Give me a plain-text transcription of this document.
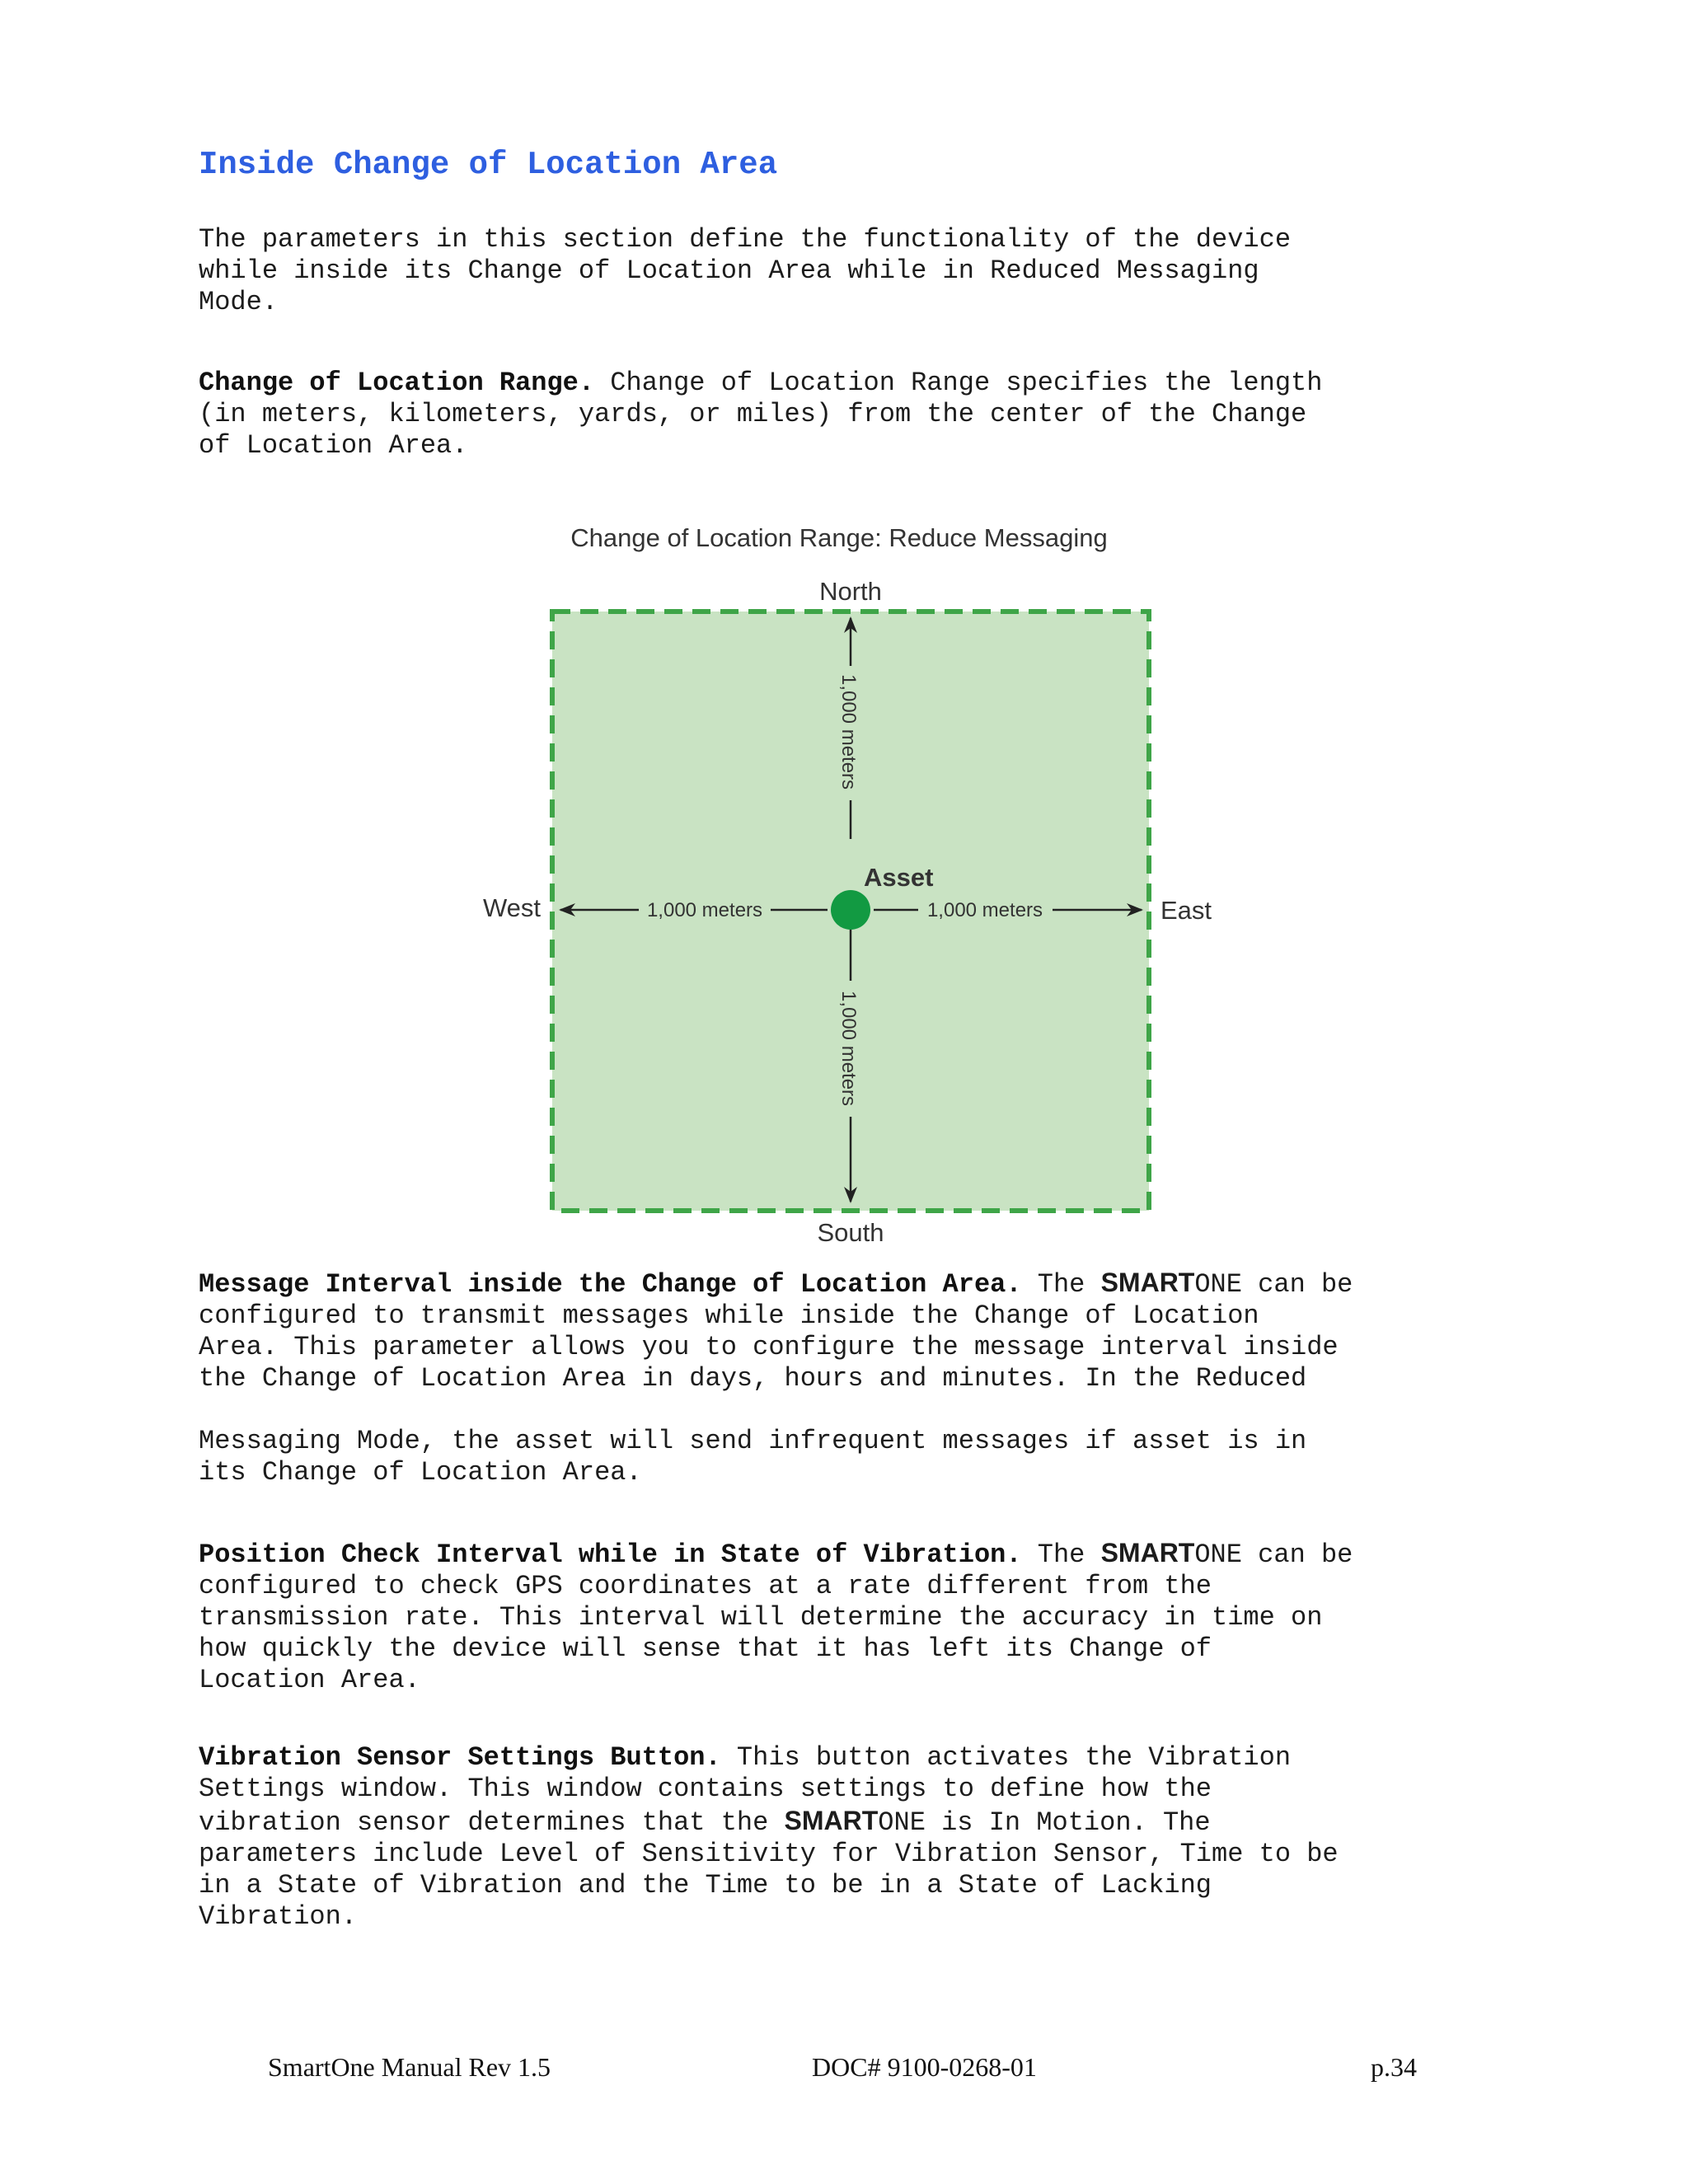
Inside Change of Location Area

The parameters in this section define the functionality of the device
while inside its Change of Location Area while in Reduced Messaging
Mode.

Change of Location Range. Change of Location Range specifies the length
(in meters, kilometers, yards, or miles) from the center of the Change
of Location Area.

Change of Location Range: Reduce Messaging
North
South
East
West
1,000 meters
1,000 meters
1,000 meters
1,000 meters
Asset

Message Interval inside the Change of Location Area. The SMARTONE can be
configured to transmit messages while inside the Change of Location
Area. This parameter allows you to configure the message interval inside
the Change of Location Area in days, hours and minutes. In the Reduced

Messaging Mode, the asset will send infrequent messages if asset is in
its Change of Location Area.

Position Check Interval while in State of Vibration. The SMARTONE can be
configured to check GPS coordinates at a rate different from the
transmission rate. This interval will determine the accuracy in time on
how quickly the device will sense that it has left its Change of
Location Area.

Vibration Sensor Settings Button. This button activates the Vibration
Settings window. This window contains settings to define how the
vibration sensor determines that the SMARTONE is In Motion. The
parameters include Level of Sensitivity for Vibration Sensor, Time to be
in a State of Vibration and the Time to be in a State of Lacking
Vibration.

SmartOne Manual Rev 1.5	DOC# 9100-0268-01	p.34
